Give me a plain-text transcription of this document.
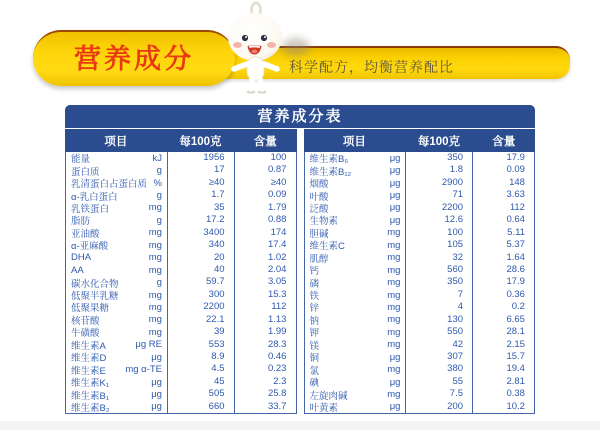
营养成分	科学配方，均衡营养配比
营养成分表
项目	每100克	含量
能量	kJ	1956	100
蛋白质	g	17	0.87
乳清蛋白占蛋白质 %	≥40	≥40
α-乳白蛋白	g	1.7	0.09
乳铁蛋白	mg	35	1.79
脂肪	g	17.2	0.88
亚油酸	mg	3400	174
α-亚麻酸	mg	340	17.4
DHA	mg	20	1.02
AA	mg	40	2.04
碳水化合物	g	59.7	3.05
低聚半乳糖	mg	300	15.3
低聚果糖	mg	2200	112
核苷酸	mg	22.1	1.13
牛磺酸	mg	39	1.99
维生素A	μg RE	553	28.3
维生素D	μg	8.9	0.46
维生素E	mg α-TE	4.5	0.23
维生素K₁	μg	45	2.3
维生素B₁	μg	505	25.8
维生素B₂	μg	660	33.7
项目	每100克	含量
维生素B₆	μg	350	17.9
维生素B₁₂	μg	1.8	0.09
烟酸	μg	2900	148
叶酸	μg	71	3.63
泛酸	μg	2200	112
生物素	μg	12.6	0.64
胆碱	mg	100	5.11
维生素C	mg	105	5.37
肌醇	mg	32	1.64
钙	mg	560	28.6
磷	mg	350	17.9
铁	mg	7	0.36
锌	mg	4	0.2
钠	mg	130	6.65
钾	mg	550	28.1
镁	mg	42	2.15
铜	μg	307	15.7
氯	mg	380	19.4
碘	μg	55	2.81
左旋肉碱	mg	7.5	0.38
叶黄素	μg	200	10.2
